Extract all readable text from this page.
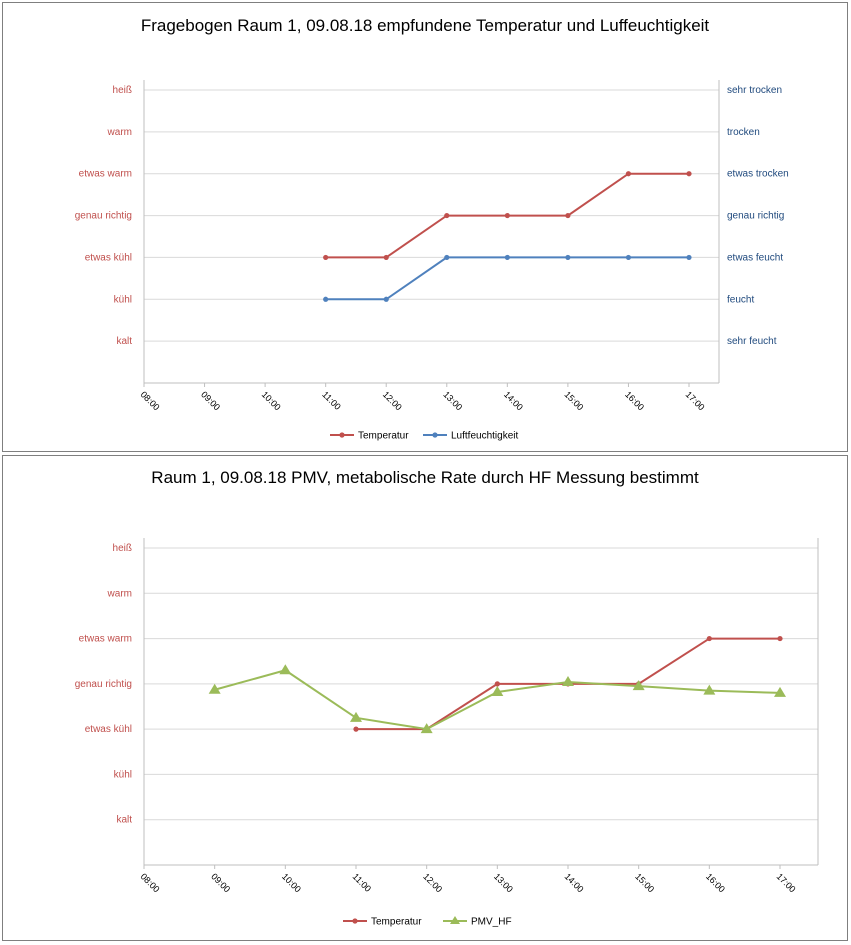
Fragebogen Raum 1, 09.08.18 empfundene Temperatur und Luffeuchtigkeit
kalt
kühl
etwas kühl
genau richtig
etwas warm
warm
heiß
sehr feucht
feucht
etwas feucht
genau richtig
etwas trocken
trocken
sehr trocken
08:00	09:00	10:00	11:00	12:00	13:00	14:00	15:00	16:00	17:00
Temperatur	Luftfeuchtigkeit
Raum 1, 09.08.18 PMV, metabolische Rate durch HF Messung bestimmt
kalt
kühl
etwas kühl
genau richtig
etwas warm
warm
heiß
08:00	09:00	10:00	11:00	12:00	13:00	14:00	15:00	16:00	17:00
Temperatur	PMV_HF
